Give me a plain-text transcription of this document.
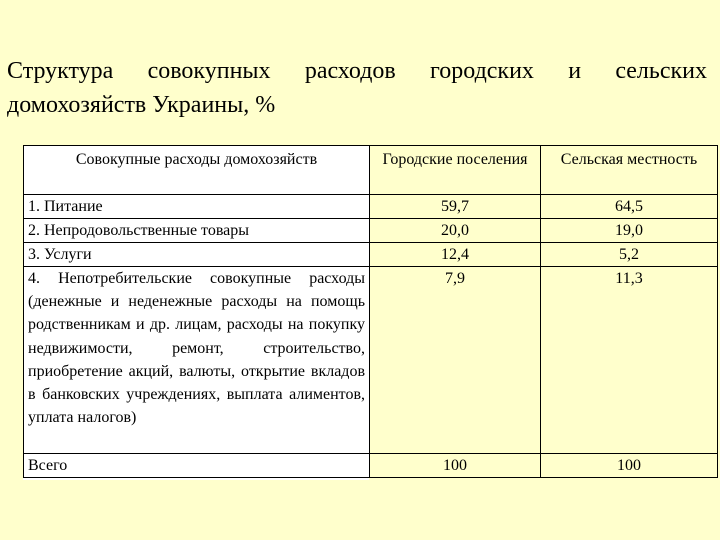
Структура совокупных расходов городских и сельских домохозяйств Украины, %
Совокупные расходы домохозяйств	Городские поселения	Сельская местность
1. Питание	59,7	64,5
2. Непродовольственные товары	20,0	19,0
3. Услуги	12,4	5,2
4. Непотребительские совокупные расходы (денежные и неденежные расходы на помощь родственникам и др. лицам, расходы на покупку недвижимости, ремонт, строительство, приобретение акций, валюты, открытие вкладов в банковских учреждениях, выплата алиментов, уплата налогов)	7,9	11,3
Всего	100	100
